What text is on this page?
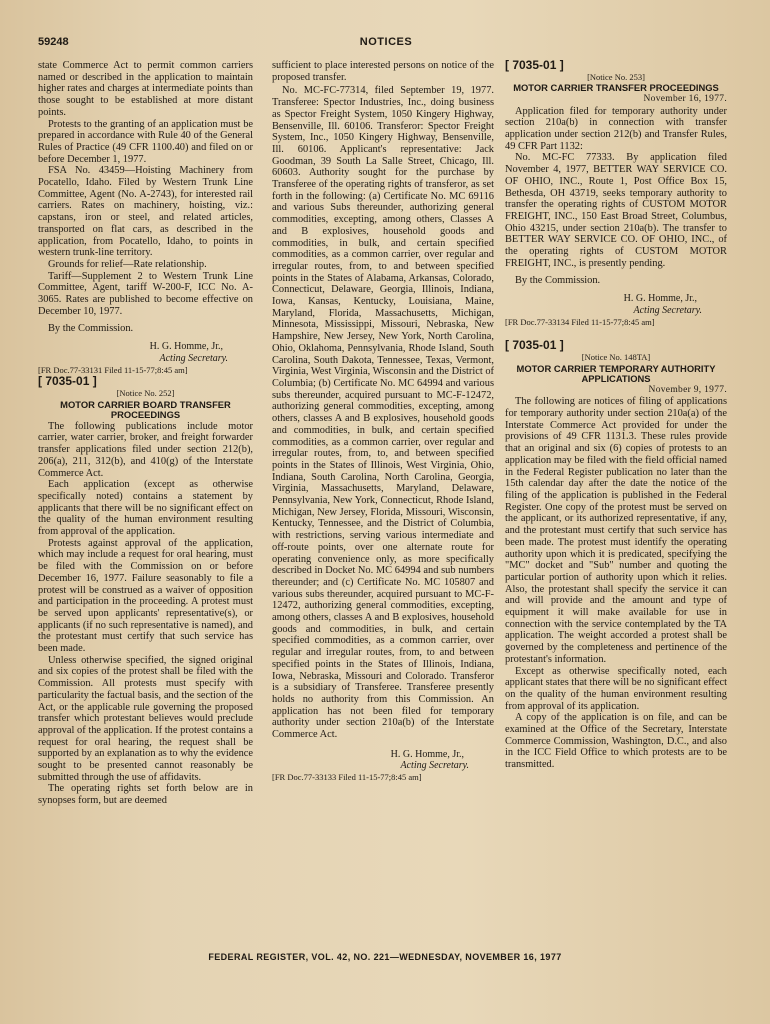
59248	NOTICES

state Commerce Act to permit common carriers named or described in the application to maintain higher rates and charges at intermediate points than those sought to be established at more distant points.

Protests to the granting of an application must be prepared in accordance with Rule 40 of the General Rules of Practice (49 CFR 1100.40) and filed on or before December 1, 1977.

FSA No. 43459—Hoisting Machinery from Pocatello, Idaho. Filed by Western Trunk Line Committee, Agent (No. A-2743), for interested rail carriers. Rates on machinery, hoisting, viz.: capstans, iron or steel, and related articles, transported on flat cars, as described in the application, from Pocatello, Idaho, to points in western trunk-line territory.

Grounds for relief—Rate relationship.

Tariff—Supplement 2 to Western Trunk Line Committee, Agent, tariff W-200-F, ICC No. A-3065. Rates are published to become effective on December 10, 1977.

By the Commission.

H. G. Homme, Jr.,

Acting Secretary.

[FR Doc.77-33131 Filed 11-15-77;8:45 am]

[ 7035-01 ]

[Notice No. 252]

MOTOR CARRIER BOARD TRANSFER PROCEEDINGS

The following publications include motor carrier, water carrier, broker, and freight forwarder transfer applications filed under section 212(b), 206(a), 211, 312(b), and 410(g) of the Interstate Commerce Act.

Each application (except as otherwise specifically noted) contains a statement by applicants that there will be no significant effect on the quality of the human environment resulting from approval of the application.

Protests against approval of the application, which may include a request for oral hearing, must be filed with the Commission on or before December 16, 1977. Failure seasonably to file a protest will be construed as a waiver of opposition and participation in the proceeding. A protest must be served upon applicants' representative(s), or applicants (if no such representative is named), and the protestant must certify that such service has been made.

Unless otherwise specified, the signed original and six copies of the protest shall be filed with the Commission. All protests must specify with particularity the factual basis, and the section of the Act, or the applicable rule governing the proposed transfer which protestant believes would preclude approval of the application. If the protest contains a request for oral hearing, the request shall be supported by an explanation as to why the evidence sought to be presented cannot reasonably be submitted through the use of affidavits.

The operating rights set forth below are in synopses form, but are deemed

sufficient to place interested persons on notice of the proposed transfer.

No. MC-FC-77314, filed September 19, 1977. Transferee: Spector Industries, Inc., doing business as Spector Freight System, 1050 Kingery Highway, Bensenville, Ill. 60106. Transferor: Spector Freight System, Inc., 1050 Kingery Highway, Bensenville, Ill. 60106. Applicant's representative: Jack Goodman, 39 South La Salle Street, Chicago, Ill. 60603. Authority sought for the purchase by Transferee of the operating rights of transferor, as set forth in the following: (a) Certificate No. MC 69116 and various Subs thereunder, authorizing general commodities, excepting, among others, Classes A and B explosives, household goods and commodities, in bulk, and certain specified commodities, as a common carrier, over regular and irregular routes, from, to and between specified points in the States of Alabama, Arkansas, Colorado, Connecticut, Delaware, Georgia, Illinois, Indiana, Iowa, Kansas, Kentucky, Louisiana, Maine, Maryland, Florida, Massachusetts, Michigan, Minnesota, Mississippi, Missouri, Nebraska, New Hampshire, New Jersey, New York, North Carolina, Ohio, Oklahoma, Pennsylvania, Rhode Island, South Carolina, South Dakota, Tennessee, Texas, Vermont, Virginia, West Virginia, Wisconsin and the District of Columbia; (b) Certificate No. MC 64994 and various subs thereunder, acquired pursuant to MC-F-12472, authorizing general commodities, excepting, among others, classes A and B explosives, household goods and commodities, in bulk, and certain specified commodities, as a common carrier, over regular and irregular routes, from, to, and between specified points in the States of Illinois, West Virginia, Ohio, Indiana, South Carolina, North Carolina, Georgia, Virginia, Massachusetts, Maryland, Delaware, Pennsylvania, New York, Connecticut, Rhode Island, Michigan, New Jersey, Florida, Missouri, Wisconsin, Kentucky, Tennessee, and the District of Columbia, with restrictions, serving various intermediate and off-route points, over one alternate route for operating convenience only, as more specifically described in Docket No. MC 64994 and sub numbers thereunder; and (c) Certificate No. MC 105807 and various subs thereunder, acquired pursuant to MC-F-12472, authorizing general commodities, excepting, among others, classes A and B explosives, household goods and commodities, in bulk, and certain specified commodities, as a common carrier, over regular and irregular routes, from, to and between specified points in the States of Illinois, Indiana, Iowa, Nebraska, Missouri and Colorado. Transferor is a subsidiary of Transferee. Transferee presently holds no authority from this Commission. An application has not been filed for temporary authority under section 210a(b) of the Interstate Commerce Act.

H. G. Homme, Jr.,

Acting Secretary.

[FR Doc.77-33133 Filed 11-15-77;8:45 am]

[ 7035-01 ]

[Notice No. 253]

MOTOR CARRIER TRANSFER PROCEEDINGS

November 16, 1977.

Application filed for temporary authority under section 210a(b) in connection with transfer application under section 212(b) and Transfer Rules, 49 CFR Part 1132:

No. MC-FC 77333. By application filed November 4, 1977, BETTER WAY SERVICE CO. OF OHIO, INC., Route 1, Post Office Box 15, Bethesda, OH 43719, seeks temporary authority to transfer the operating rights of CUSTOM MOTOR FREIGHT, INC., 150 East Broad Street, Columbus, Ohio 43215, under section 210a(b). The transfer to BETTER WAY SERVICE CO. OF OHIO, INC., of the operating rights of CUSTOM MOTOR FREIGHT, INC., is presently pending.

By the Commission.

H. G. Homme, Jr.,

Acting Secretary.

[FR Doc.77-33134 Filed 11-15-77;8:45 am]

[ 7035-01 ]

[Notice No. 148TA]

MOTOR CARRIER TEMPORARY AUTHORITY APPLICATIONS

November 9, 1977.

The following are notices of filing of applications for temporary authority under section 210a(a) of the Interstate Commerce Act provided for under the provisions of 49 CFR 1131.3. These rules provide that an original and six (6) copies of protests to an application may be filed with the field official named in the Federal Register publication no later than the 15th calendar day after the date the notice of the filing of the application is published in the Federal Register. One copy of the protest must be served on the applicant, or its authorized representative, if any, and the protestant must certify that such service has been made. The protest must identify the operating authority upon which it is predicated, specifying the "MC" docket and "Sub" number and quoting the particular portion of authority upon which it relies. Also, the protestant shall specify the service it can and will provide and the amount and type of equipment it will make available for use in connection with the service contemplated by the TA application. The weight accorded a protest shall be governed by the completeness and pertinence of the protestant's information.

Except as otherwise specifically noted, each applicant states that there will be no significant effect on the quality of the human environment resulting from approval of its application.

A copy of the application is on file, and can be examined at the Office of the Secretary, Interstate Commerce Commission, Washington, D.C., and also in the ICC Field Office to which protests are to be transmitted.

FEDERAL REGISTER, VOL. 42, NO. 221—WEDNESDAY, NOVEMBER 16, 1977
